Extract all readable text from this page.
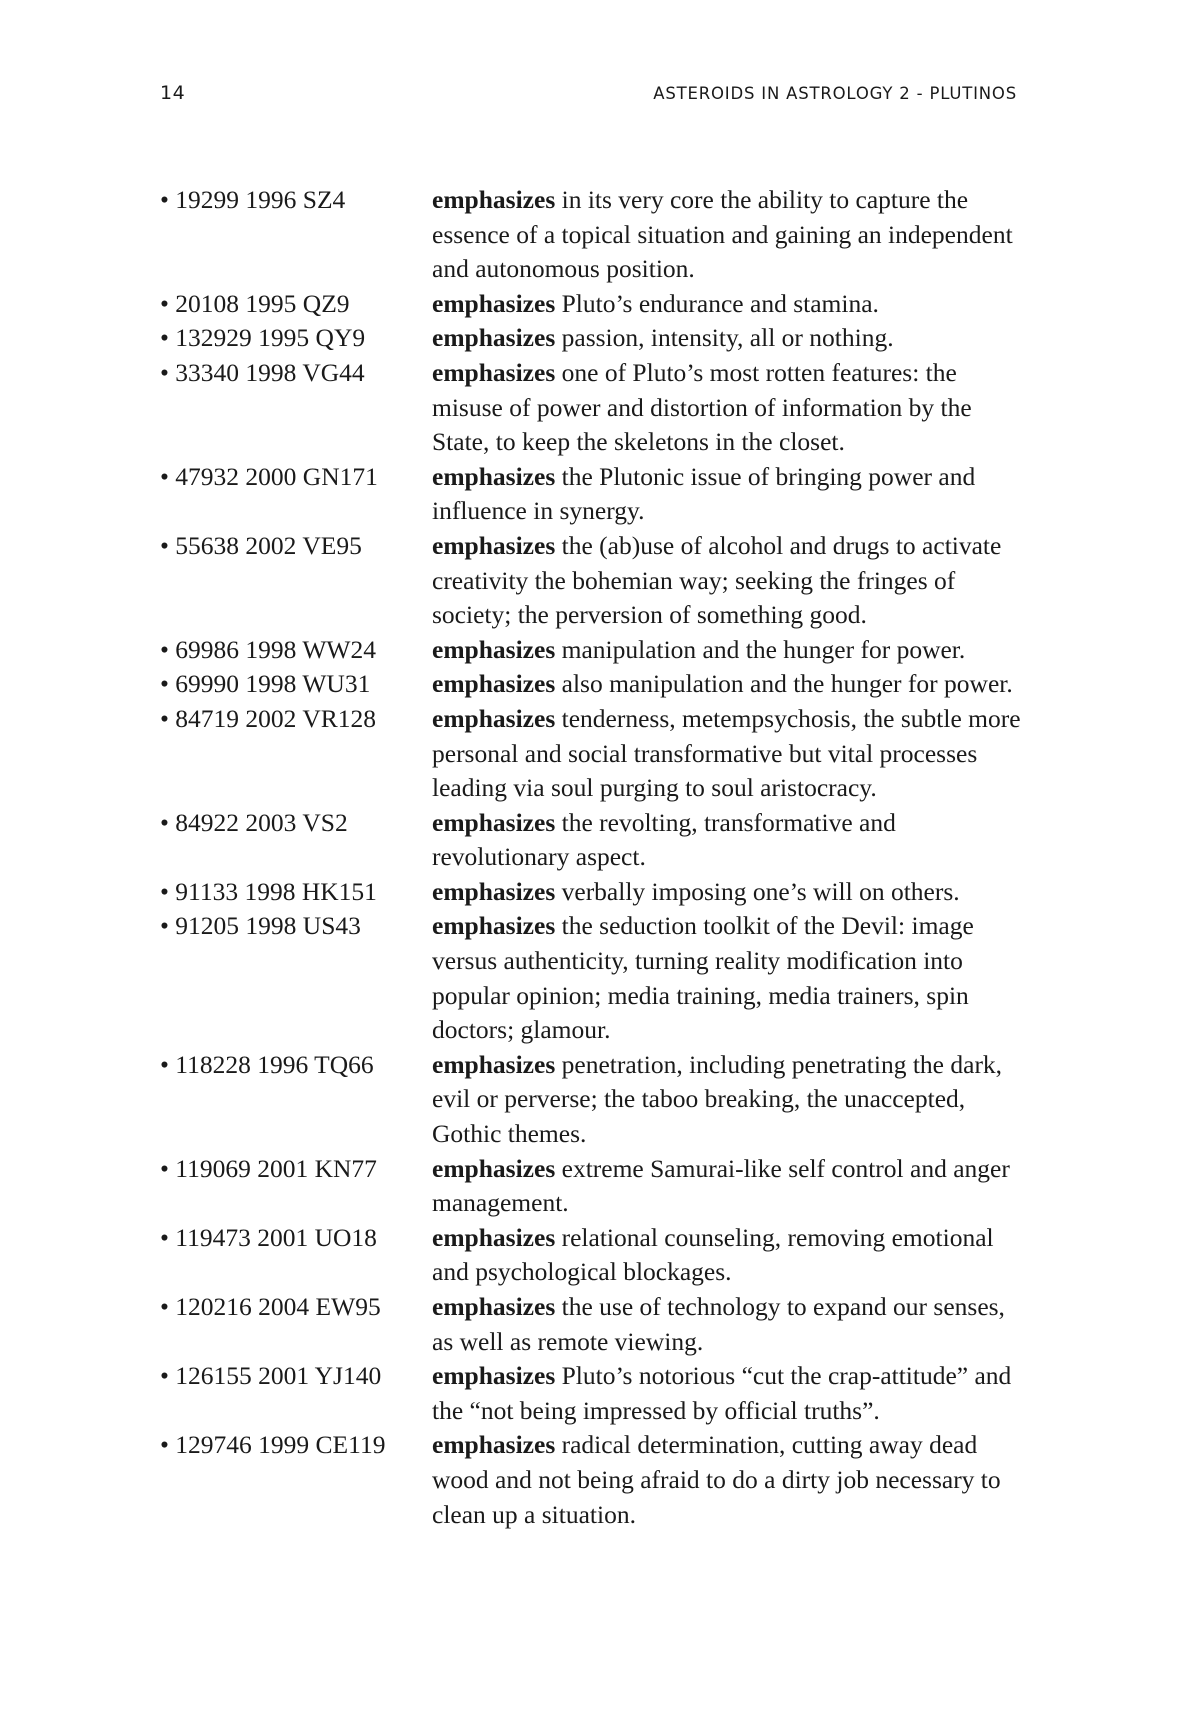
14	ASTEROIDS IN ASTROLOGY 2 - PLUTINOS
• 19299 1996 SZ4	emphasizes in its very core the ability to capture the essence of a topical situation and gaining an independent and autonomous position.
• 20108 1995 QZ9	emphasizes Pluto’s endurance and stamina.
• 132929 1995 QY9	emphasizes passion, intensity, all or nothing.
• 33340 1998 VG44	emphasizes one of Pluto’s most rotten features: the misuse of power and distortion of information by the State, to keep the skeletons in the closet.
• 47932 2000 GN171	emphasizes the Plutonic issue of bringing power and influence in synergy.
• 55638 2002 VE95	emphasizes the (ab)use of alcohol and drugs to activate creativity the bohemian way; seeking the fringes of society; the perversion of something good.
• 69986 1998 WW24	emphasizes manipulation and the hunger for power.
• 69990 1998 WU31	emphasizes also manipulation and the hunger for power.
• 84719 2002 VR128	emphasizes tenderness, metempsychosis, the subtle more personal and social transformative but vital processes leading via soul purging to soul aristocracy.
• 84922 2003 VS2	emphasizes the revolting, transformative and revolutionary aspect.
• 91133 1998 HK151	emphasizes verbally imposing one’s will on others.
• 91205 1998 US43	emphasizes the seduction toolkit of the Devil: image versus authenticity, turning reality modification into popular opinion; media training, media trainers, spin doctors; glamour.
• 118228 1996 TQ66	emphasizes penetration, including penetrating the dark, evil or perverse; the taboo breaking, the unaccepted, Gothic themes.
• 119069 2001 KN77	emphasizes extreme Samurai-like self control and anger management.
• 119473 2001 UO18	emphasizes relational counseling, removing emotional and psychological blockages.
• 120216 2004 EW95	emphasizes the use of technology to expand our senses, as well as remote viewing.
• 126155 2001 YJ140	emphasizes Pluto’s notorious “cut the crap-attitude” and the “not being impressed by official truths”.
• 129746 1999 CE119	emphasizes radical determination, cutting away dead wood and not being afraid to do a dirty job necessary to clean up a situation.
